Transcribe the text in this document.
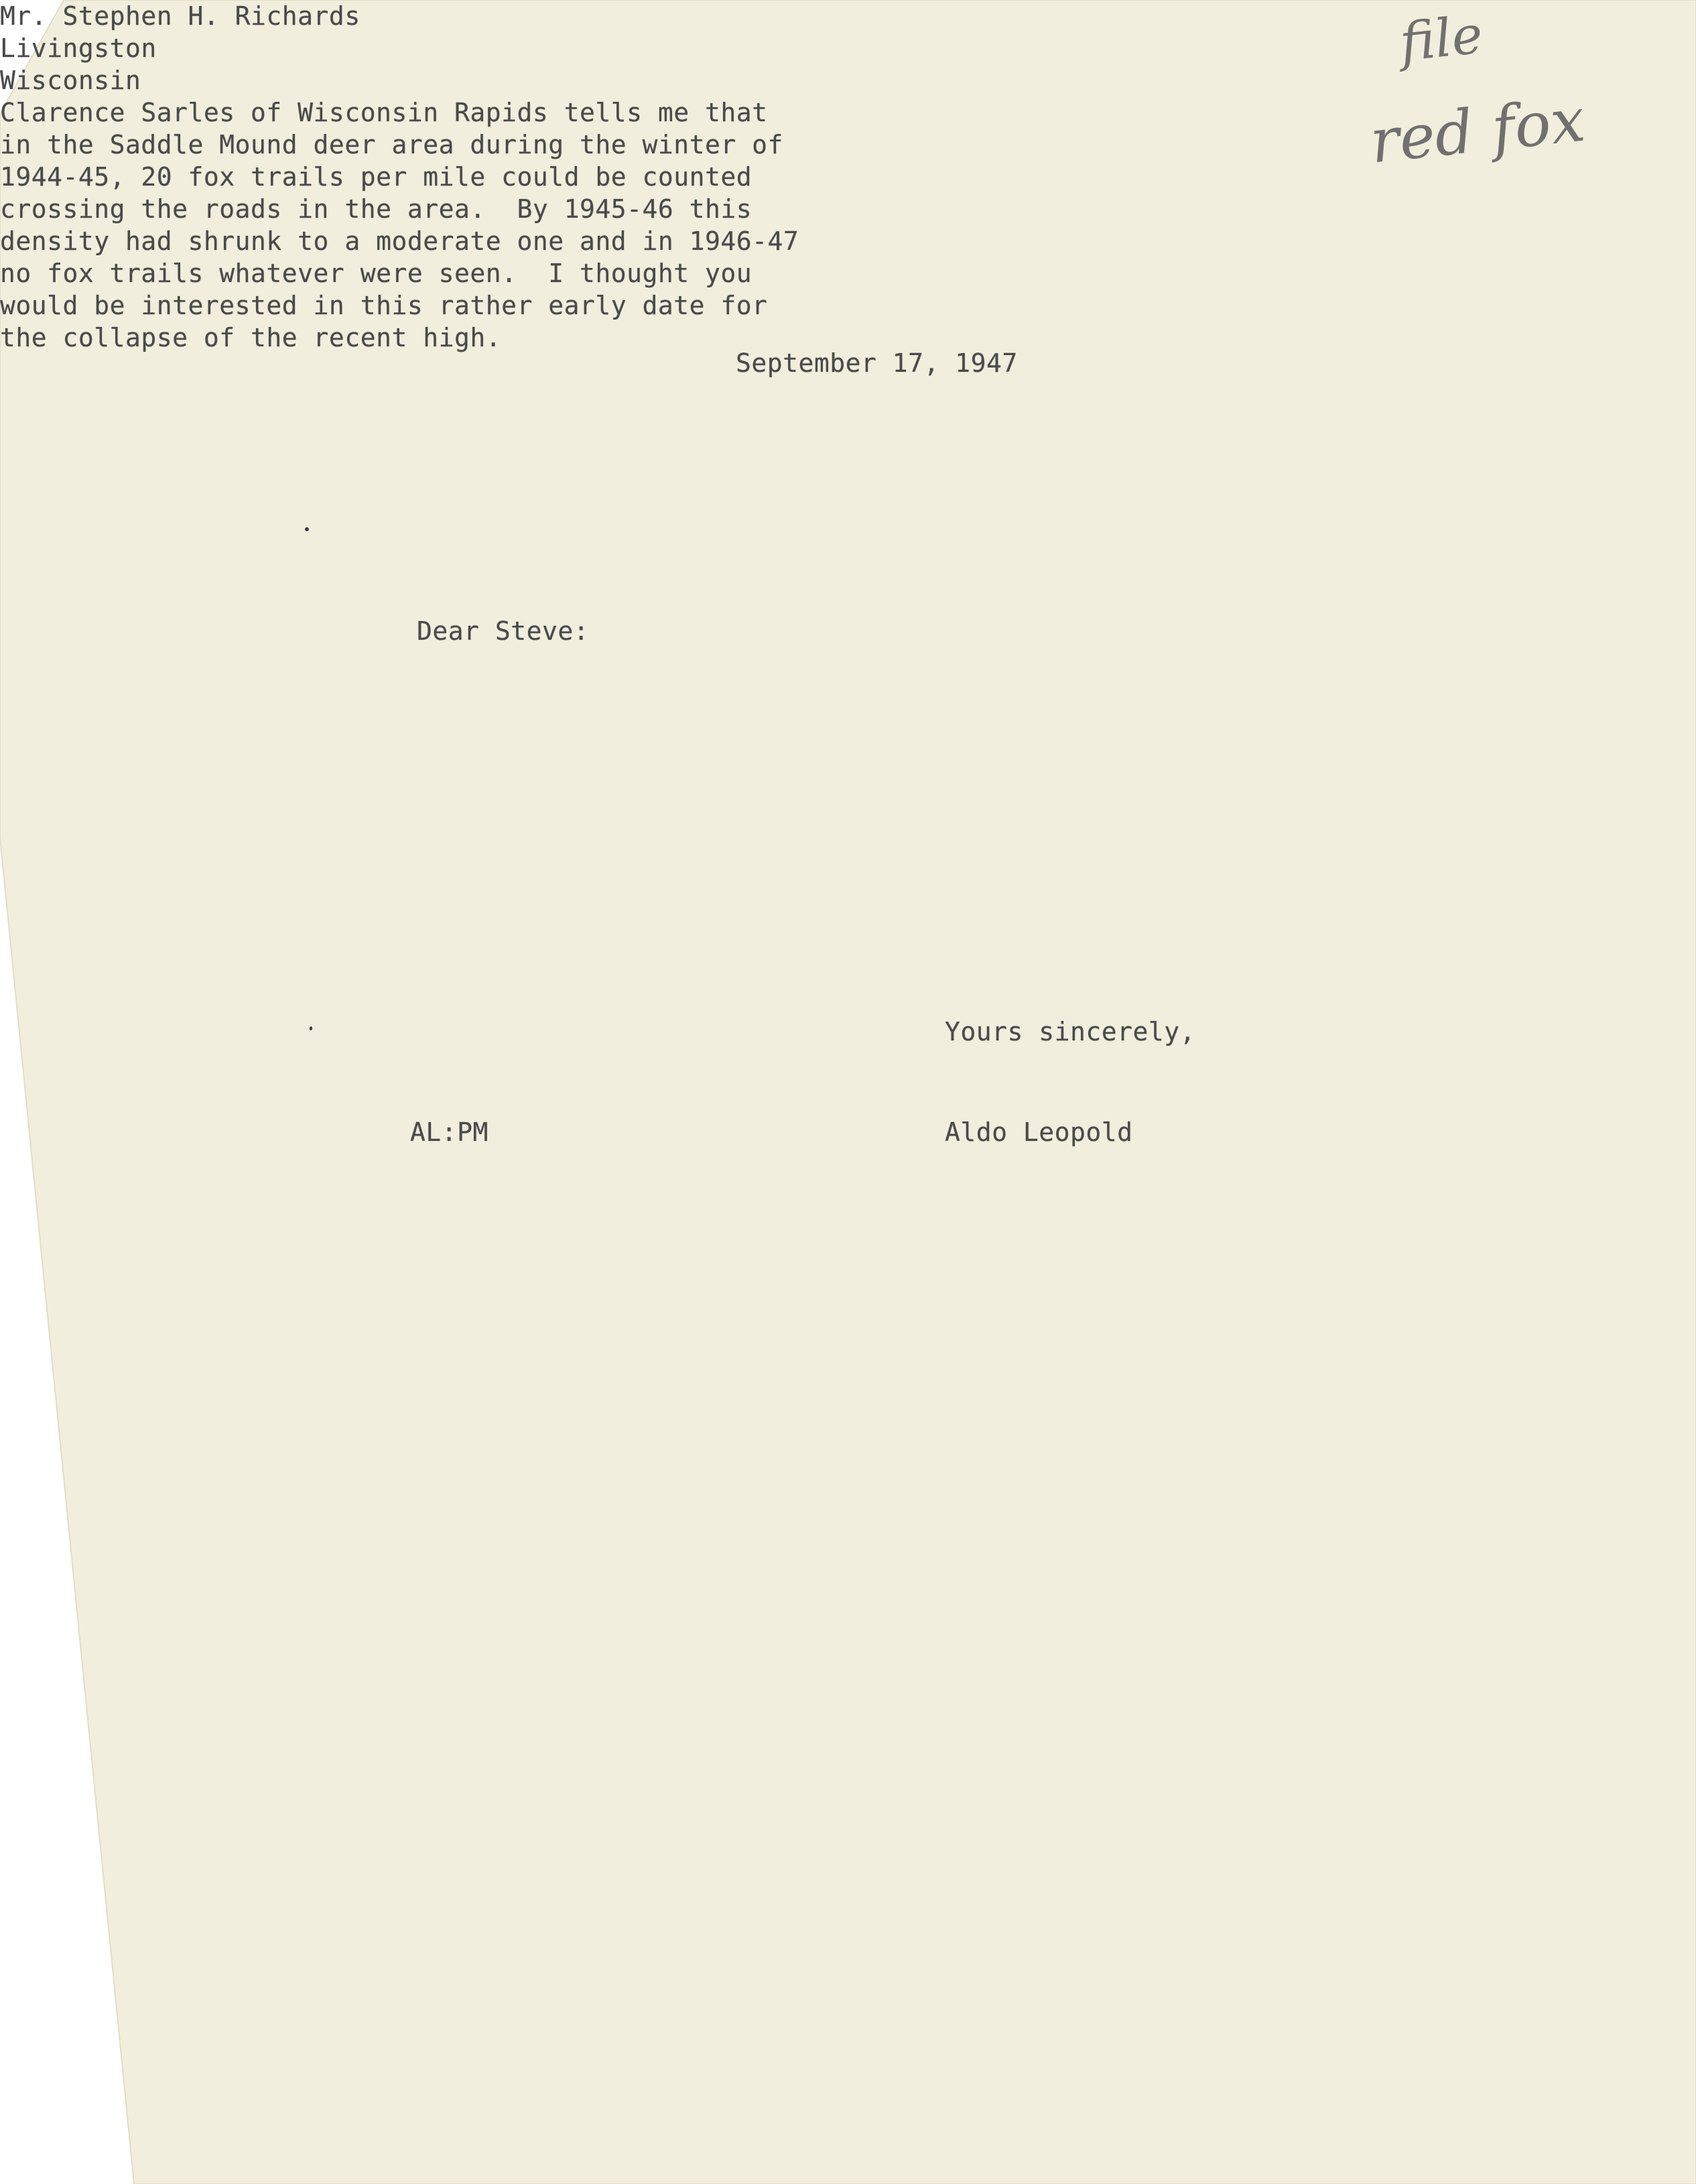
file
red fox
September 17, 1947
Mr. Stephen H. Richards
Livingston
Wisconsin
Dear Steve:
Clarence Sarles of Wisconsin Rapids tells me that
in the Saddle Mound deer area during the winter of
1944-45, 20 fox trails per mile could be counted
crossing the roads in the area.  By 1945-46 this
density had shrunk to a moderate one and in 1946-47
no fox trails whatever were seen.  I thought you
would be interested in this rather early date for
the collapse of the recent high.
Yours sincerely,
AL:PM	Aldo Leopold
